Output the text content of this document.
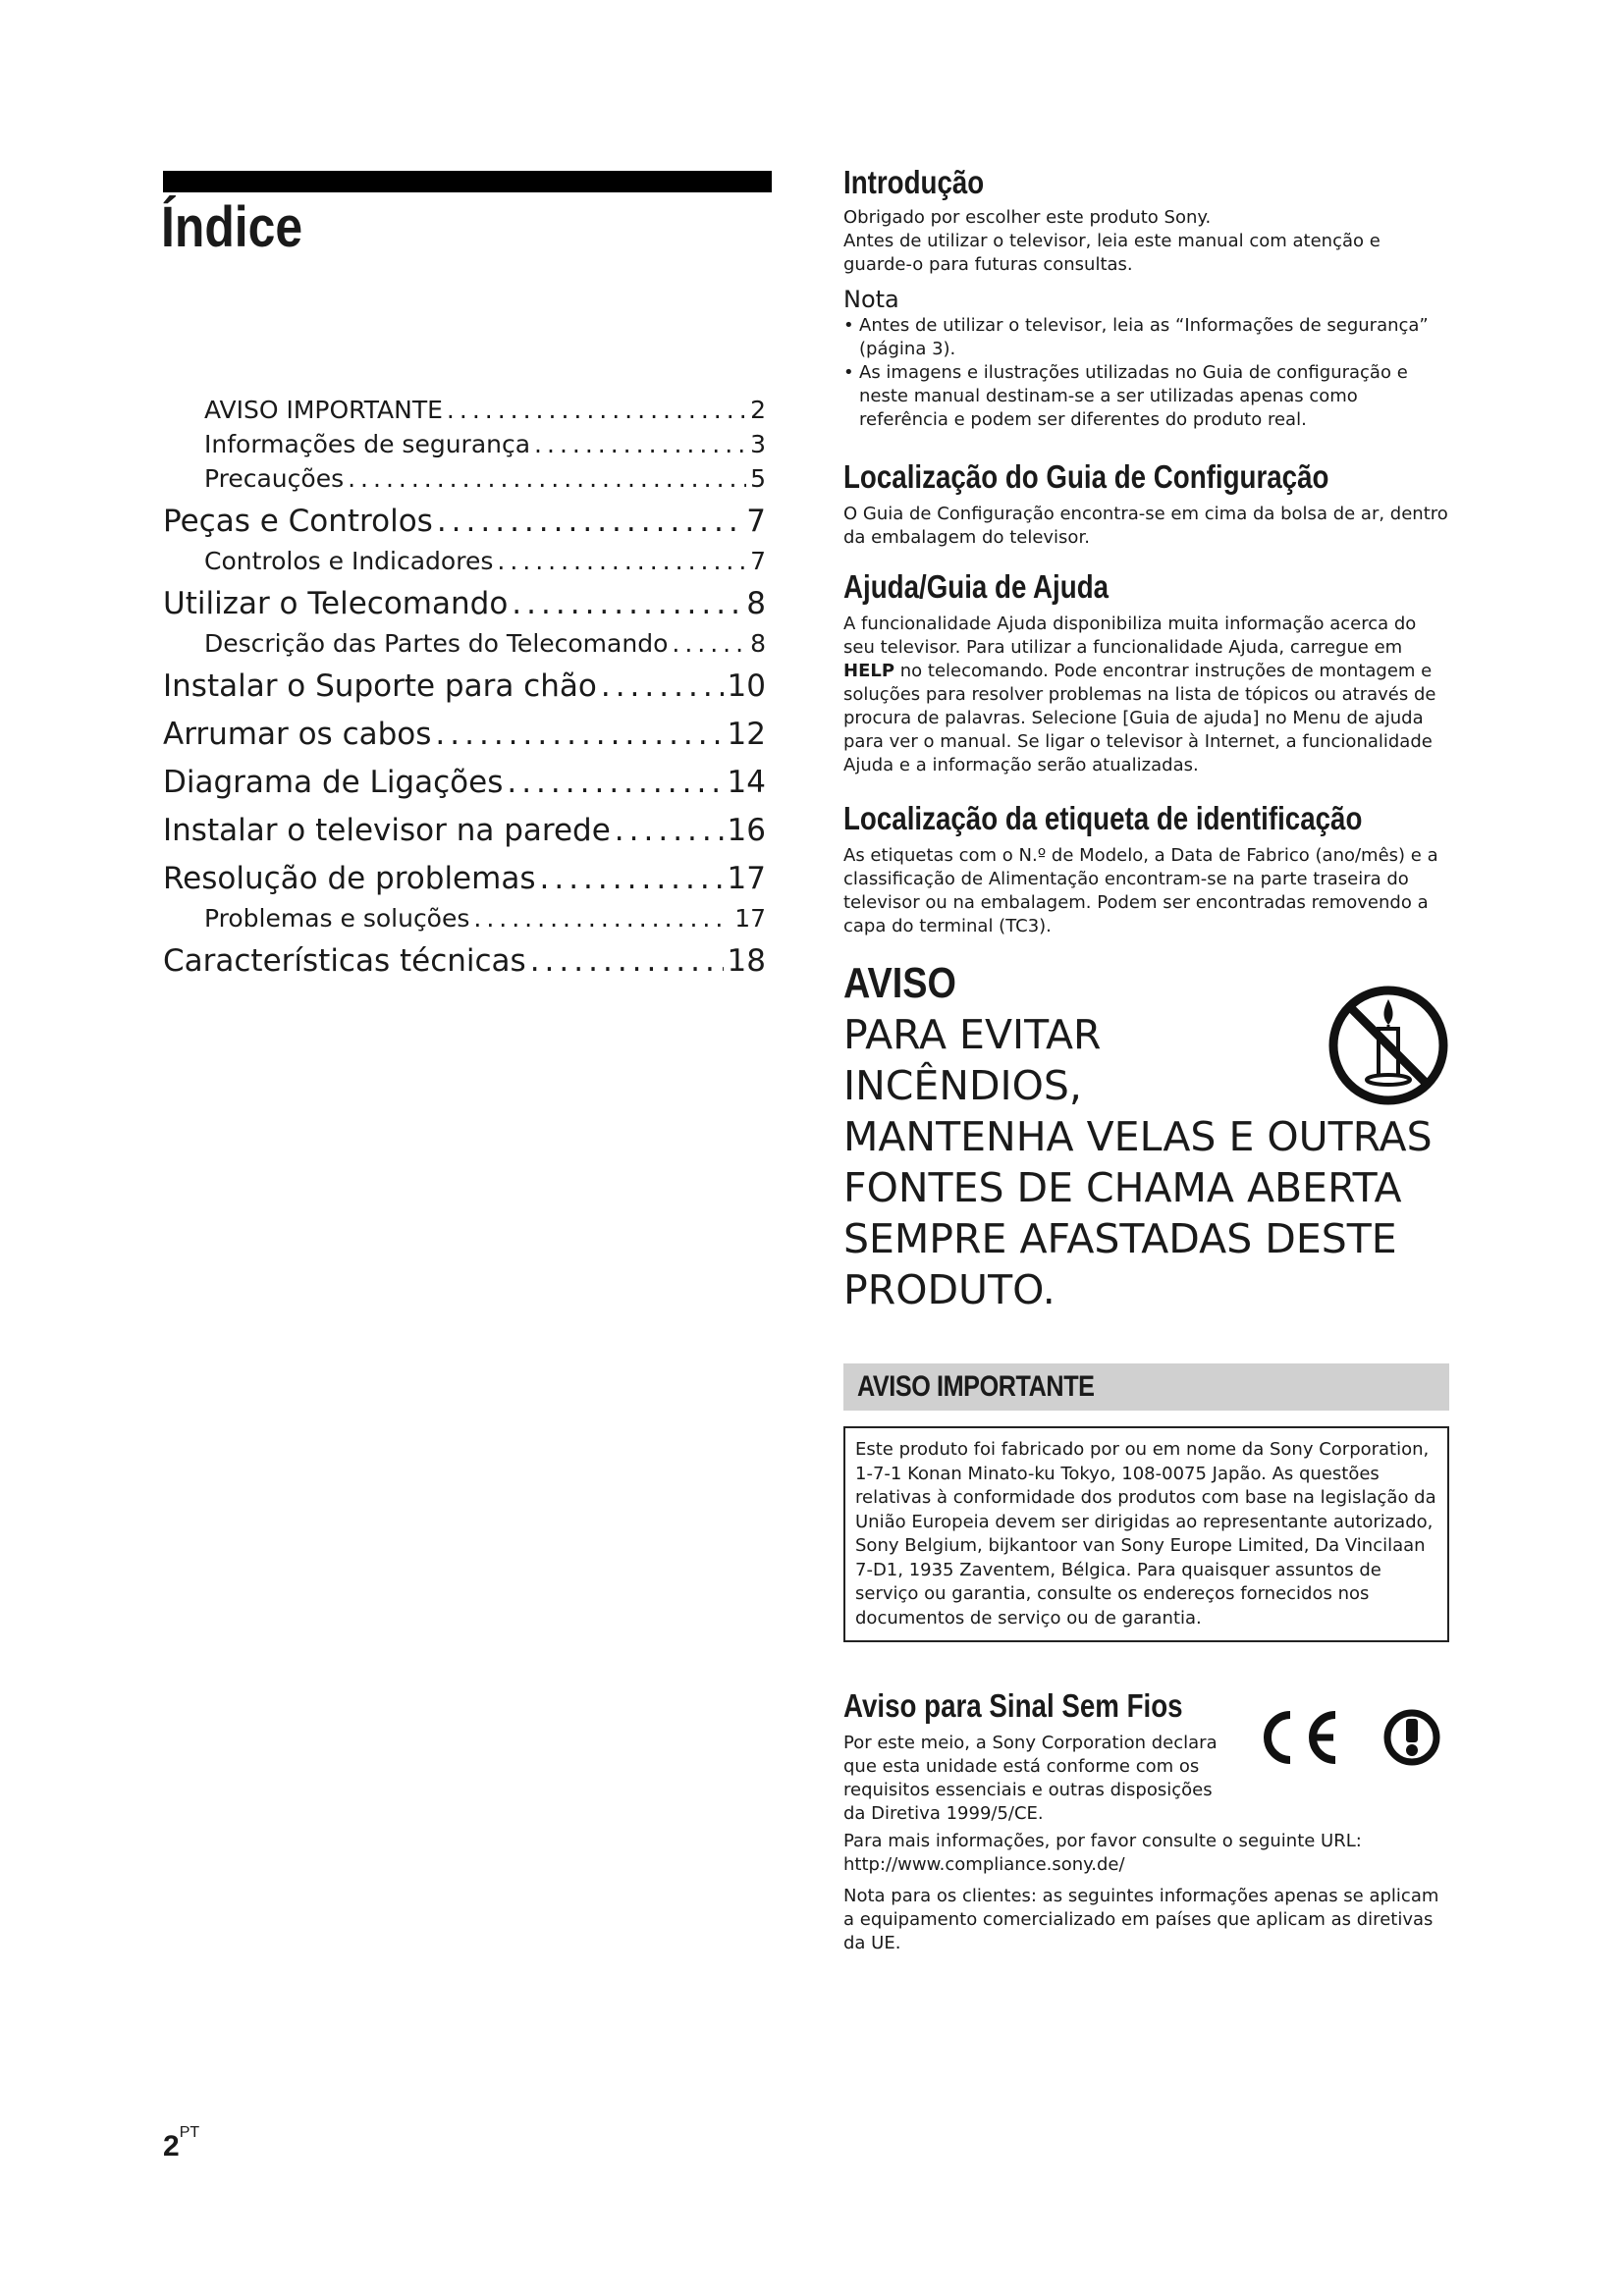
Índice
AVISO IMPORTANTE .....	2
Informações de segurança .....	3
Precauções .....	5
Peças e Controlos .....	7
Controlos e Indicadores .....	7
Utilizar o Telecomando .....	8
Descrição das Partes do Telecomando .....	8
Instalar o Suporte para chão .....	10
Arrumar os cabos .....	12
Diagrama de Ligações .....	14
Instalar o televisor na parede .....	16
Resolução de problemas .....	17
Problemas e soluções .....	17
Características técnicas .....	18
Introdução
Obrigado por escolher este produto Sony.
Antes de utilizar o televisor, leia este manual com atenção e guarde-o para futuras consultas.
Nota
• Antes de utilizar o televisor, leia as “Informações de segurança” (página 3).
• As imagens e ilustrações utilizadas no Guia de configuração e neste manual destinam-se a ser utilizadas apenas como referência e podem ser diferentes do produto real.
Localização do Guia de Configuração
O Guia de Configuração encontra-se em cima da bolsa de ar, dentro da embalagem do televisor.
Ajuda/Guia de Ajuda
A funcionalidade Ajuda disponibiliza muita informação acerca do seu televisor. Para utilizar a funcionalidade Ajuda, carregue em HELP no telecomando. Pode encontrar instruções de montagem e soluções para resolver problemas na lista de tópicos ou através de procura de palavras. Selecione [Guia de ajuda] no Menu de ajuda para ver o manual. Se ligar o televisor à Internet, a funcionalidade Ajuda e a informação serão atualizadas.
Localização da etiqueta de identificação
As etiquetas com o N.º de Modelo, a Data de Fabrico (ano/mês) e a classificação de Alimentação encontram-se na parte traseira do televisor ou na embalagem. Podem ser encontradas removendo a capa do terminal (TC3).
AVISO
PARA EVITAR
INCÊNDIOS,
MANTENHA VELAS E OUTRAS
FONTES DE CHAMA ABERTA
SEMPRE AFASTADAS DESTE
PRODUTO.
AVISO IMPORTANTE
Este produto foi fabricado por ou em nome da Sony Corporation, 1-7-1 Konan Minato-ku Tokyo, 108-0075 Japão. As questões relativas à conformidade dos produtos com base na legislação da União Europeia devem ser dirigidas ao representante autorizado, Sony Belgium, bijkantoor van Sony Europe Limited, Da Vincilaan 7-D1, 1935 Zaventem, Bélgica. Para quaisquer assuntos de serviço ou garantia, consulte os endereços fornecidos nos documentos de serviço ou de garantia.
Aviso para Sinal Sem Fios
Por este meio, a Sony Corporation declara que esta unidade está conforme com os requisitos essenciais e outras disposições da Diretiva 1999/5/CE.
Para mais informações, por favor consulte o seguinte URL: http://www.compliance.sony.de/
Nota para os clientes: as seguintes informações apenas se aplicam a equipamento comercializado em países que aplicam as diretivas da UE.
$2^{PT}$
